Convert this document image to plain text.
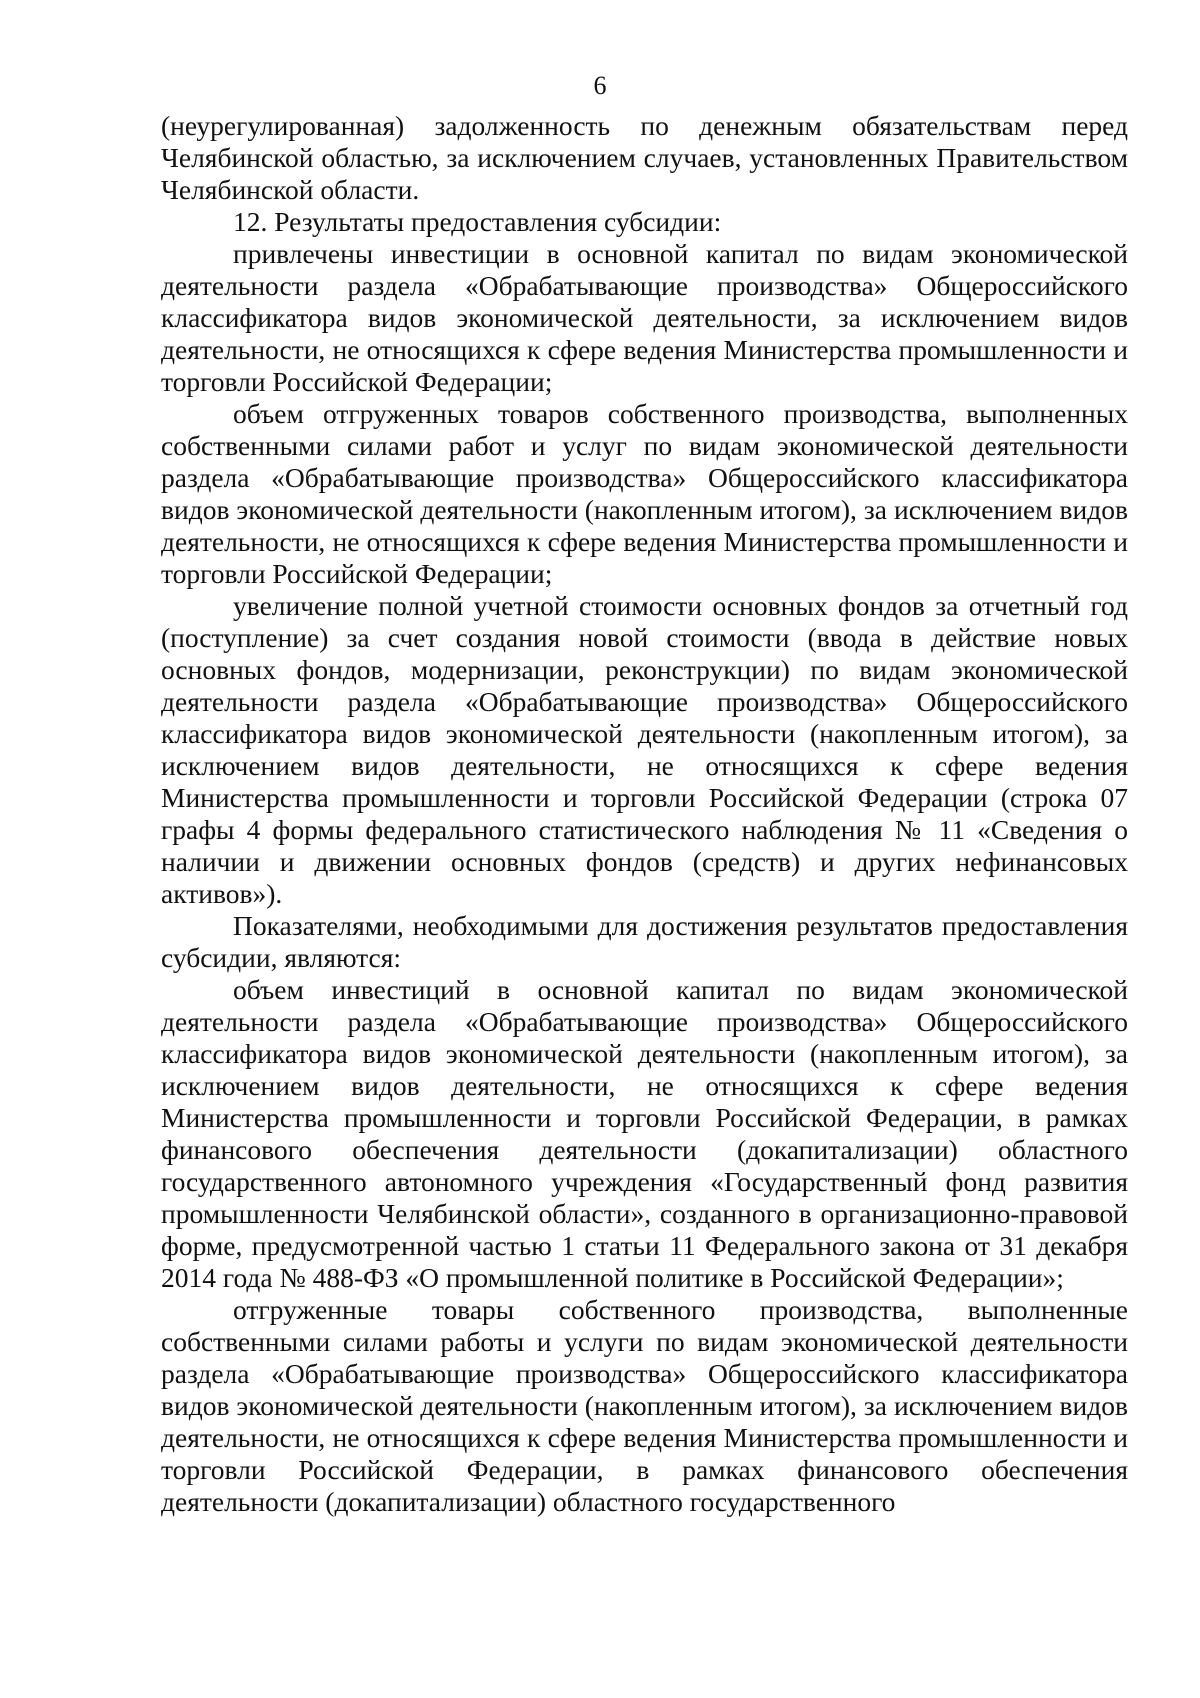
6

(неурегулированная) задолженность по денежным обязательствам перед Челябинской областью, за исключением случаев, установленных Правительством Челябинской области.

12. Результаты предоставления субсидии:

привлечены инвестиции в основной капитал по видам экономической деятельности раздела «Обрабатывающие производства» Общероссийского классификатора видов экономической деятельности, за исключением видов деятельности, не относящихся к сфере ведения Министерства промышленности и торговли Российской Федерации;

объем отгруженных товаров собственного производства, выполненных собственными силами работ и услуг по видам экономической деятельности раздела «Обрабатывающие производства» Общероссийского классификатора видов экономической деятельности (накопленным итогом), за исключением видов деятельности, не относящихся к сфере ведения Министерства промышленности и торговли Российской Федерации;

увеличение полной учетной стоимости основных фондов за отчетный год (поступление) за счет создания новой стоимости (ввода в действие новых основных фондов, модернизации, реконструкции) по видам экономической деятельности раздела «Обрабатывающие производства» Общероссийского классификатора видов экономической деятельности (накопленным итогом), за исключением видов деятельности, не относящихся к сфере ведения Министерства промышленности и торговли Российской Федерации (строка 07 графы 4 формы федерального статистического наблюдения № 11 «Сведения о наличии и движении основных фондов (средств) и других нефинансовых активов»).

Показателями, необходимыми для достижения результатов предоставления субсидии, являются:

объем инвестиций в основной капитал по видам экономической деятельности раздела «Обрабатывающие производства» Общероссийского классификатора видов экономической деятельности (накопленным итогом), за исключением видов деятельности, не относящихся к сфере ведения Министерства промышленности и торговли Российской Федерации, в рамках финансового обеспечения деятельности (докапитализации) областного государственного автономного учреждения «Государственный фонд развития промышленности Челябинской области», созданного в организационно-правовой форме, предусмотренной частью 1 статьи 11 Федерального закона от 31 декабря 2014 года № 488-ФЗ «О промышленной политике в Российской Федерации»;

отгруженные товары собственного производства, выполненные собственными силами работы и услуги по видам экономической деятельности раздела «Обрабатывающие производства» Общероссийского классификатора видов экономической деятельности (накопленным итогом), за исключением видов деятельности, не относящихся к сфере ведения Министерства промышленности и торговли Российской Федерации, в рамках финансового обеспечения деятельности (докапитализации) областного государственного
